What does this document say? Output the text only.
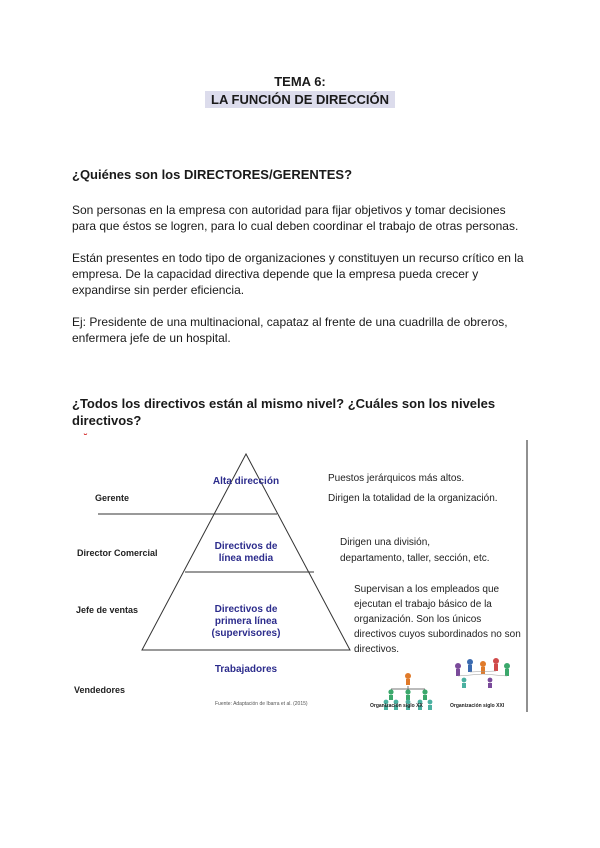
TEMA 6:
LA FUNCIÓN DE DIRECCIÓN
¿Quiénes son los DIRECTORES/GERENTES?
Son personas en la empresa con autoridad para fijar objetivos y tomar decisiones para que éstos se logren, para lo cual deben coordinar el trabajo de otras personas.
Están presentes en todo tipo de organizaciones y constituyen un recurso crítico en la empresa. De la capacidad directiva depende que la empresa pueda crecer y expandirse sin perder eficiencia.
Ej: Presidente de una multinacional, capataz al frente de una cuadrilla de obreros, enfermera jefe de un hospital.
¿Todos los directivos están al mismo nivel? ¿Cuáles son los niveles directivos?
˘
Gerente
Director Comercial
Jefe de ventas
Vendedores
Alta dirección
Directivos de línea media
Directivos de primera línea (supervisores)
Trabajadores
Puestos jerárquicos más altos.
Dirigen la totalidad de la organización.
Dirigen una división,
departamento, taller, sección, etc.
Supervisan a los empleados que
ejecutan el trabajo básico de la
organización. Son los únicos
directivos cuyos subordinados no son
directivos.
Fuente: Adaptación de Ibarra et al. (2015)	Organización siglo XX	Organización siglo XXI
